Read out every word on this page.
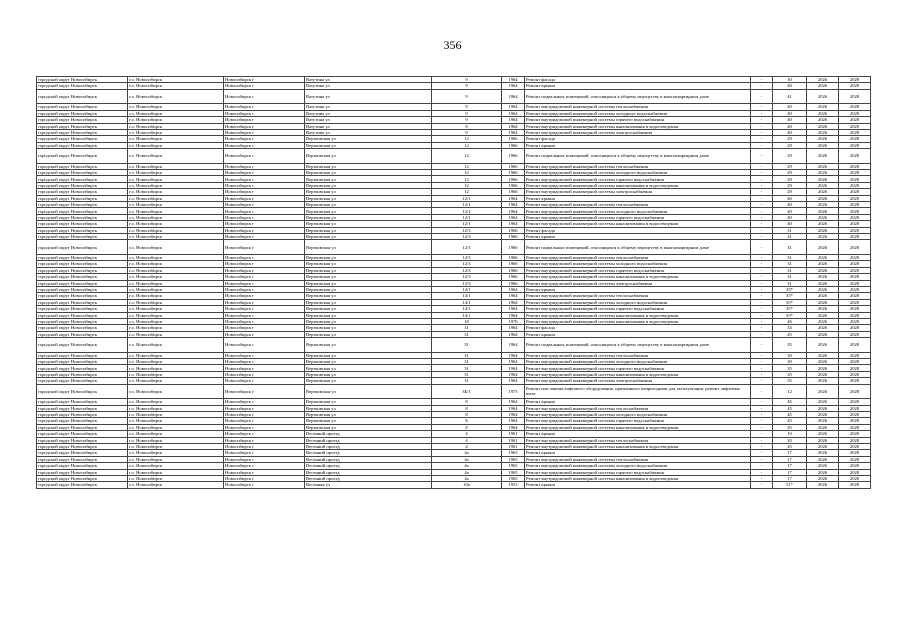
356
городской округ Новосибирск	г.о. Новосибирск	Новосибирск г	Ватутина ул	9	1964	Ремонт фасада	-	30	2026	2028
городской округ Новосибирск	г.о. Новосибирск	Новосибирск г	Ватутина ул	9	1964	Ремонт крыши	-	40	2026	2028
городской округ Новосибирск	г.о. Новосибирск	Новосибирск г	Ватутина ул	9	1964	Ремонт подвальных помещений, относящихся к общему имуществу в многоквартирном доме	-	41	2026	2028
городской округ Новосибирск	г.о. Новосибирск	Новосибирск г	Ватутина ул	9	1964	Ремонт внутридомовой инженерной системы теплоснабжения	-	40	2026	2028
городской округ Новосибирск	г.о. Новосибирск	Новосибирск г	Ватутина ул	9	1964	Ремонт внутридомовой инженерной системы холодного водоснабжения	-	40	2026	2028
городской округ Новосибирск	г.о. Новосибирск	Новосибирск г	Ватутина ул	9	1964	Ремонт внутридомовой инженерной системы горячего водоснабжения	-	40	2026	2028
городской округ Новосибирск	г.о. Новосибирск	Новосибирск г	Ватутина ул	9	1964	Ремонт внутридомовой инженерной системы канализования и водоотведения	-	40	2026	2028
городской округ Новосибирск	г.о. Новосибирск	Новосибирск г	Ватутина ул	9	1964	Ремонт внутридомовой инженерной системы электроснабжения	-	40	2026	2028
городской округ Новосибирск	г.о. Новосибирск	Новосибирск г	Вертковская ул	12	1966	Ремонт фасада	-	29	2026	2028
городской округ Новосибирск	г.о. Новосибирск	Новосибирск г	Вертковская ул	12	1966	Ремонт крыши	-	29	2026	2028
городской округ Новосибирск	г.о. Новосибирск	Новосибирск г	Вертковская ул	12	1966	Ремонт подвальных помещений, относящихся к общему имуществу в многоквартирном доме	-	29	2026	2028
городской округ Новосибирск	г.о. Новосибирск	Новосибирск г	Вертковская ул	12	1966	Ремонт внутридомовой инженерной системы теплоснабжения	-	29	2026	2028
городской округ Новосибирск	г.о. Новосибирск	Новосибирск г	Вертковская ул	12	1966	Ремонт внутридомовой инженерной системы холодного водоснабжения	-	29	2026	2028
городской округ Новосибирск	г.о. Новосибирск	Новосибирск г	Вертковская ул	12	1966	Ремонт внутридомовой инженерной системы горячего водоснабжения	-	29	2026	2028
городской округ Новосибирск	г.о. Новосибирск	Новосибирск г	Вертковская ул	12	1966	Ремонт внутридомовой инженерной системы канализования и водоотведения	-	29	2026	2028
городской округ Новосибирск	г.о. Новосибирск	Новосибирск г	Вертковская ул	12	1966	Ремонт внутридомовой инженерной системы электроснабжения	-	29	2026	2028
городской округ Новосибирск	г.о. Новосибирск	Новосибирск г	Вертковская ул	12/1	1964	Ремонт крыши	-	40	2026	2028
городской округ Новосибирск	г.о. Новосибирск	Новосибирск г	Вертковская ул	12/1	1964	Ремонт внутридомовой инженерной системы теплоснабжения	-	40	2026	2028
городской округ Новосибирск	г.о. Новосибирск	Новосибирск г	Вертковская ул	12/1	1964	Ремонт внутридомовой инженерной системы холодного водоснабжения	-	40	2026	2028
городской округ Новосибирск	г.о. Новосибирск	Новосибирск г	Вертковская ул	12/1	1964	Ремонт внутридомовой инженерной системы горячего водоснабжения	-	40	2026	2028
городской округ Новосибирск	г.о. Новосибирск	Новосибирск г	Вертковская ул	12/1	1964	Ремонт внутридомовой инженерной системы канализования и водоотведения	-	40	2026	2028
городской округ Новосибирск	г.о. Новосибирск	Новосибирск г	Вертковская ул	12/3	1966	Ремонт фасада	-	31	2026	2028
городской округ Новосибирск	г.о. Новосибирск	Новосибирск г	Вертковская ул	12/3	1966	Ремонт крыши	-	31	2026	2028
городской округ Новосибирск	г.о. Новосибирск	Новосибирск г	Вертковская ул	12/3	1966	Ремонт подвальных помещений, относящихся к общему имуществу в многоквартирном доме	-	31	2026	2028
городской округ Новосибирск	г.о. Новосибирск	Новосибирск г	Вертковская ул	12/3	1966	Ремонт внутридомовой инженерной системы теплоснабжения	-	31	2026	2028
городской округ Новосибирск	г.о. Новосибирск	Новосибирск г	Вертковская ул	12/3	1966	Ремонт внутридомовой инженерной системы холодного водоснабжения	-	31	2026	2028
городской округ Новосибирск	г.о. Новосибирск	Новосибирск г	Вертковская ул	12/3	1966	Ремонт внутридомовой инженерной системы горячего водоснабжения	-	31	2026	2028
городской округ Новосибирск	г.о. Новосибирск	Новосибирск г	Вертковская ул	12/3	1966	Ремонт внутридомовой инженерной системы канализования и водоотведения	-	31	2026	2028
городской округ Новосибирск	г.о. Новосибирск	Новосибирск г	Вертковская ул	12/3	1966	Ремонт внутридомовой инженерной системы электроснабжения	-	31	2026	2028
городской округ Новосибирск	г.о. Новосибирск	Новосибирск г	Вертковская ул	14/1	1964	Ремонт крыши	-	35*	2026	2028
городской округ Новосибирск	г.о. Новосибирск	Новосибирск г	Вертковская ул	14/1	1964	Ремонт внутридомовой инженерной системы теплоснабжения	-	35*	2026	2028
городской округ Новосибирск	г.о. Новосибирск	Новосибирск г	Вертковская ул	14/1	1964	Ремонт внутридомовой инженерной системы холодного водоснабжения	-	35*	2026	2028
городской округ Новосибирск	г.о. Новосибирск	Новосибирск г	Вертковская ул	14/1	1964	Ремонт внутридомовой инженерной системы горячего водоснабжения	-	35*	2026	2028
городской округ Новосибирск	г.о. Новосибирск	Новосибирск г	Вертковская ул	14/1	1964	Ремонт внутридомовой инженерной системы канализования и водоотведения	-	35*	2026	2028
городской округ Новосибирск	г.о. Новосибирск	Новосибирск г	Вертковская ул	18	1976	Ремонт внутридомовой инженерной системы канализования и водоотведения	-	46	2026	2028
городской округ Новосибирск	г.о. Новосибирск	Новосибирск г	Вертковская ул	31	1964	Ремонт фасада	-	33	2026	2028
городской округ Новосибирск	г.о. Новосибирск	Новосибирск г	Вертковская ул	31	1964	Ремонт крыши	-	45	2026	2028
городской округ Новосибирск	г.о. Новосибирск	Новосибирск г	Вертковская ул	31	1964	Ремонт подвальных помещений, относящихся к общему имуществу в многоквартирном доме	-	35	2026	2028
городской округ Новосибирск	г.о. Новосибирск	Новосибирск г	Вертковская ул	31	1964	Ремонт внутридомовой инженерной системы теплоснабжения	-	30	2026	2028
городской округ Новосибирск	г.о. Новосибирск	Новосибирск г	Вертковская ул	31	1964	Ремонт внутридомовой инженерной системы холодного водоснабжения	-	30	2026	2028
городской округ Новосибирск	г.о. Новосибирск	Новосибирск г	Вертковская ул	31	1964	Ремонт внутридомовой инженерной системы горячего водоснабжения	-	35	2026	2028
городской округ Новосибирск	г.о. Новосибирск	Новосибирск г	Вертковская ул	31	1964	Ремонт внутридомовой инженерной системы канализования и водоотведения	-	35	2026	2028
городской округ Новосибирск	г.о. Новосибирск	Новосибирск г	Вертковская ул	31	1964	Ремонт внутридомовой инженерной системы электроснабжения	-	35	2026	2028
городской округ Новосибирск	г.о. Новосибирск	Новосибирск г	Вертковская ул	3Б/1	1975	Ремонт или замена лифтового оборудования, признанного непригодным для эксплуатации, ремонт лифтовых шахт	-	12	2026	2028
городской округ Новосибирск	г.о. Новосибирск	Новосибирск г	Вертковская ул	8	1964	Ремонт крыши	-	45	2026	2028
городской округ Новосибирск	г.о. Новосибирск	Новосибирск г	Вертковская ул	8	1964	Ремонт внутридомовой инженерной системы теплоснабжения	-	45	2026	2028
городской округ Новосибирск	г.о. Новосибирск	Новосибирск г	Вертковская ул	8	1964	Ремонт внутридомовой инженерной системы холодного водоснабжения	-	45	2026	2028
городской округ Новосибирск	г.о. Новосибирск	Новосибирск г	Вертковская ул	8	1964	Ремонт внутридомовой инженерной системы горячего водоснабжения	-	45	2026	2028
городской округ Новосибирск	г.о. Новосибирск	Новосибирск г	Вертковская ул	8	1964	Ремонт внутридомовой инженерной системы канализования и водоотведения	-	45	2026	2028
городской округ Новосибирск	г.о. Новосибирск	Новосибирск г	Весенний проезд	4	1961	Ремонт крыши	-	10	2026	2028
городской округ Новосибирск	г.о. Новосибирск	Новосибирск г	Весенний проезд	4	1961	Ремонт внутридомовой инженерной системы теплоснабжения	-	20	2026	2028
городской округ Новосибирск	г.о. Новосибирск	Новосибирск г	Весенний проезд	4	1961	Ремонт внутридомовой инженерной системы канализования и водоотведения	-	45	2026	2028
городской округ Новосибирск	г.о. Новосибирск	Новосибирск г	Весенний проезд	4а	1965	Ремонт крыши	-	17	2026	2028
городской округ Новосибирск	г.о. Новосибирск	Новосибирск г	Весенний проезд	4а	1965	Ремонт внутридомовой инженерной системы теплоснабжения	-	17	2026	2028
городской округ Новосибирск	г.о. Новосибирск	Новосибирск г	Весенний проезд	4а	1965	Ремонт внутридомовой инженерной системы холодного водоснабжения	-	17	2026	2028
городской округ Новосибирск	г.о. Новосибирск	Новосибирск г	Весенний проезд	4а	1965	Ремонт внутридомовой инженерной системы горячего водоснабжения	-	17	2026	2028
городской округ Новосибирск	г.о. Новосибирск	Новосибирск г	Весенний проезд	4а	1965	Ремонт внутридомовой инженерной системы канализования и водоотведения	-	17	2026	2028
городской округ Новосибирск	г.о. Новосибирск	Новосибирск г	Весенняя ул	10а	1953	Ремонт крыши	-	51*	2026	2028
